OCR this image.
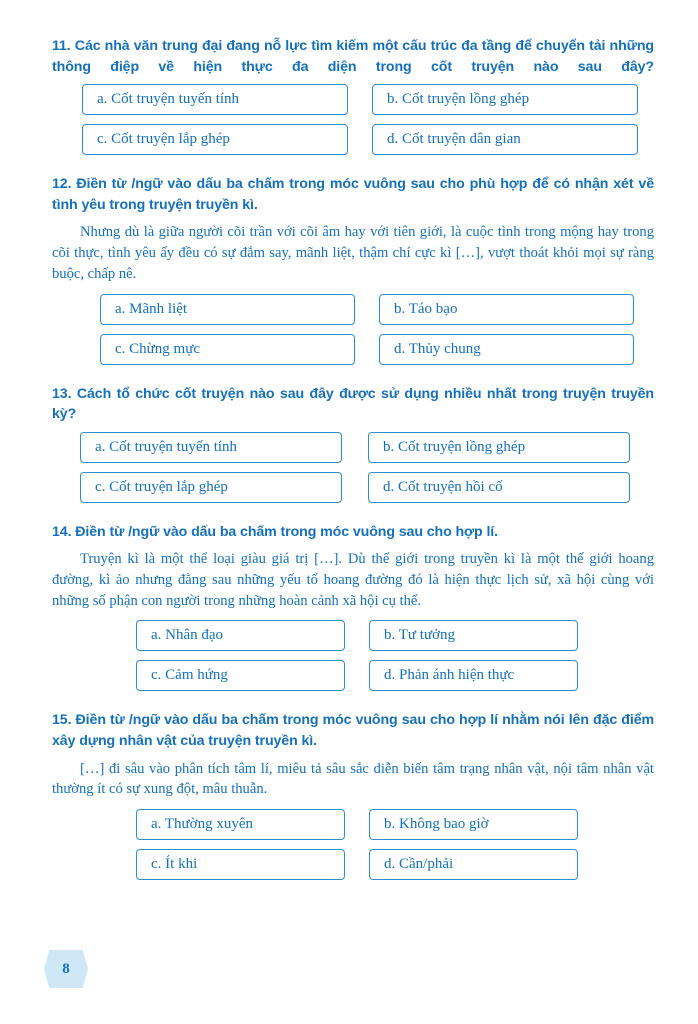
11. Các nhà văn trung đại đang nỗ lực tìm kiếm một cấu trúc đa tầng để chuyển tải những thông điệp về hiện thực đa diện trong cốt truyện nào sau đây?

a. Cốt truyện tuyến tính	b. Cốt truyện lồng ghép
c. Cốt truyện lắp ghép	d. Cốt truyện dân gian

12. Điền từ /ngữ vào dấu ba chấm trong móc vuông sau cho phù hợp để có nhận xét về tình yêu trong truyện truyền kì.

Nhưng dù là giữa người cõi trần với cõi âm hay với tiên giới, là cuộc tình trong mộng hay trong cõi thực, tình yêu ấy đều có sự đắm say, mãnh liệt, thậm chí cực kì […], vượt thoát khỏi mọi sự ràng buộc, chấp nê.

a. Mãnh liệt	b. Táo bạo
c. Chừng mực	d. Thủy chung

13. Cách tổ chức cốt truyện nào sau đây được sử dụng nhiều nhất trong truyện truyền kỳ?

a. Cốt truyện tuyến tính	b. Cốt truyện lồng ghép
c. Cốt truyện lắp ghép	d. Cốt truyện hồi cố

14. Điền từ /ngữ vào dấu ba chấm trong móc vuông sau cho hợp lí.

Truyện kì là một thể loại giàu giá trị […]. Dù thế giới trong truyền kì là một thế giới hoang đường, kì ảo nhưng đằng sau những yếu tố hoang đường đó là hiện thực lịch sử, xã hội cùng với những số phận con người trong những hoàn cảnh xã hội cụ thể.

a. Nhân đạo	b. Tư tưởng
c. Cảm hứng	d. Phản ánh hiện thực

15. Điền từ /ngữ vào dấu ba chấm trong móc vuông sau cho hợp lí nhằm nói lên đặc điểm xây dựng nhân vật của truyện truyền kì.

[…] đi sâu vào phân tích tâm lí, miêu tả sâu sắc diễn biến tâm trạng nhân vật, nội tâm nhân vật thường ít có sự xung đột, mâu thuẫn.

a. Thường xuyên	b. Không bao giờ
c. Ít khi	d. Cần/phải
8
